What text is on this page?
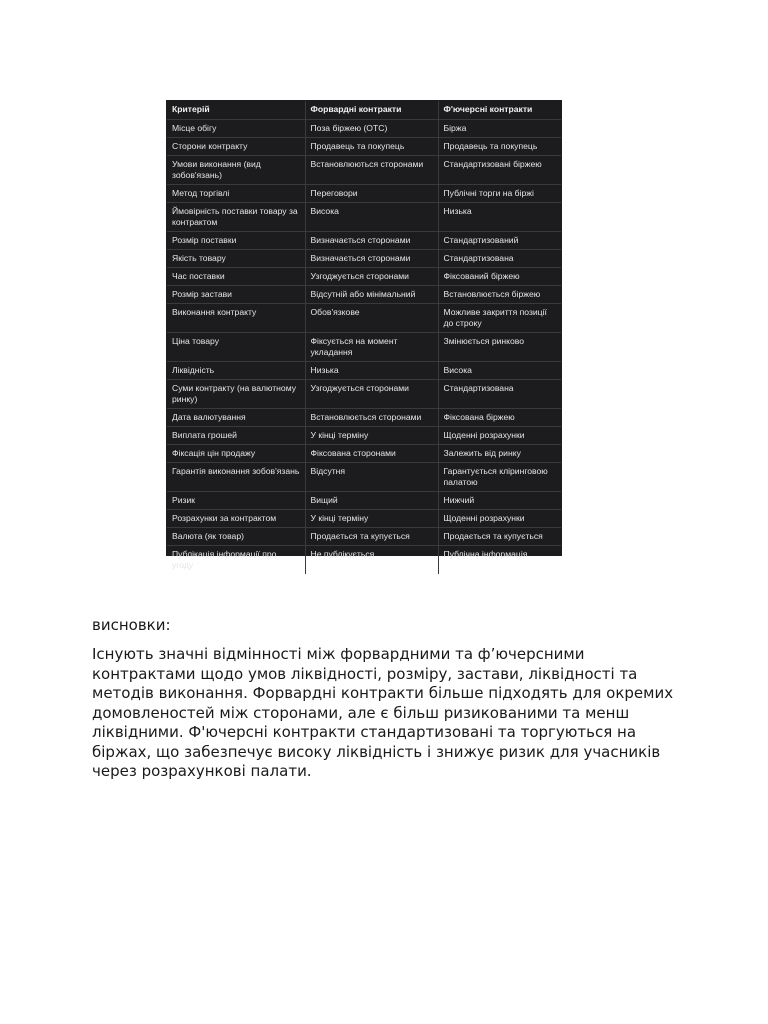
Критерій	Форвардні контракти	Ф'ючерсні контракти
Місце обігу	Поза біржею (OTC)	Біржа
Сторони контракту	Продавець та покупець	Продавець та покупець
Умови виконання (вид зобов'язань)	Встановлюються сторонами	Стандартизовані біржею
Метод торгівлі	Переговори	Публічні торги на біржі
Ймовірність поставки товару за контрактом	Висока	Низька
Розмір поставки	Визначається сторонами	Стандартизований
Якість товару	Визначається сторонами	Стандартизована
Час поставки	Узгоджується сторонами	Фіксований біржею
Розмір застави	Відсутній або мінімальний	Встановлюється біржею
Виконання контракту	Обов'язкове	Можливе закриття позиції до строку
Ціна товару	Фіксується на момент укладання	Змінюється ринково
Ліквідність	Низька	Висока
Суми контракту (на валютному ринку)	Узгоджується сторонами	Стандартизована
Дата валютування	Встановлюється сторонами	Фіксована біржею
Виплата грошей	У кінці терміну	Щоденні розрахунки
Фіксація цін продажу	Фіксована сторонами	Залежить від ринку
Гарантія виконання зобов'язань	Відсутня	Гарантується клiринговою палатою
Ризик	Вищий	Нижчий
Розрахунки за контрактом	У кінці терміну	Щоденні розрахунки
Валюта (як товар)	Продається та купується	Продається та купується
Публікація інформації про угоду	Не публікується	Публічна інформація
висновки:
Існують значні відмінності між форвардними та ф’ючерсними контрактами щодо умов ліквідності, розміру, застави, ліквідності та методів виконання. Форвардні контракти більше підходять для окремих домовленостей між сторонами, але є більш ризикованими та менш ліквідними. Ф'ючерсні контракти стандартизовані та торгуються на біржах, що забезпечує високу ліквідність і знижує ризик для учасників через розрахункові палати.
